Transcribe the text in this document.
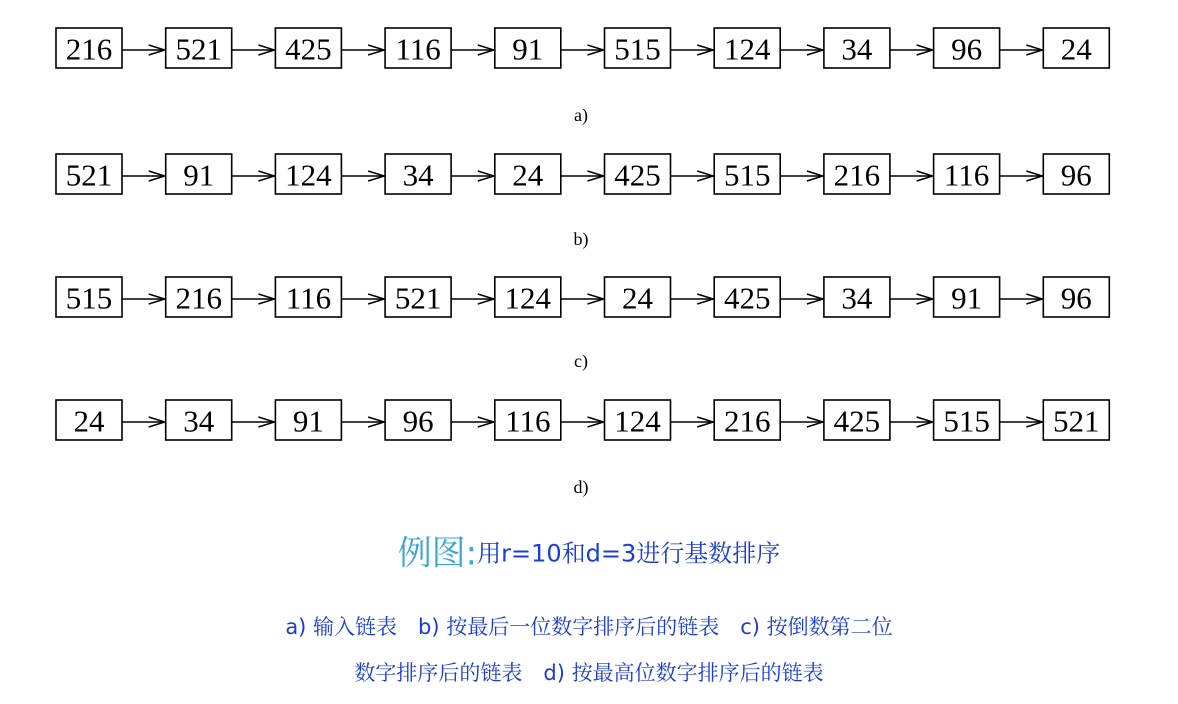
216 521 425 116 91 515 124 34	96	24
a)
521 91 124 34	24 425 515 216 116 96
b)
515 216 116 521 124 24 425 34	91	96
c)
24	34	91	96 116 124 216 425 515 521
d)
例图:用r=10和d=3进行基数排序
a) 输入链表　b) 按最后一位数字排序后的链表　c) 按倒数第二位
数字排序后的链表　d) 按最高位数字排序后的链表
